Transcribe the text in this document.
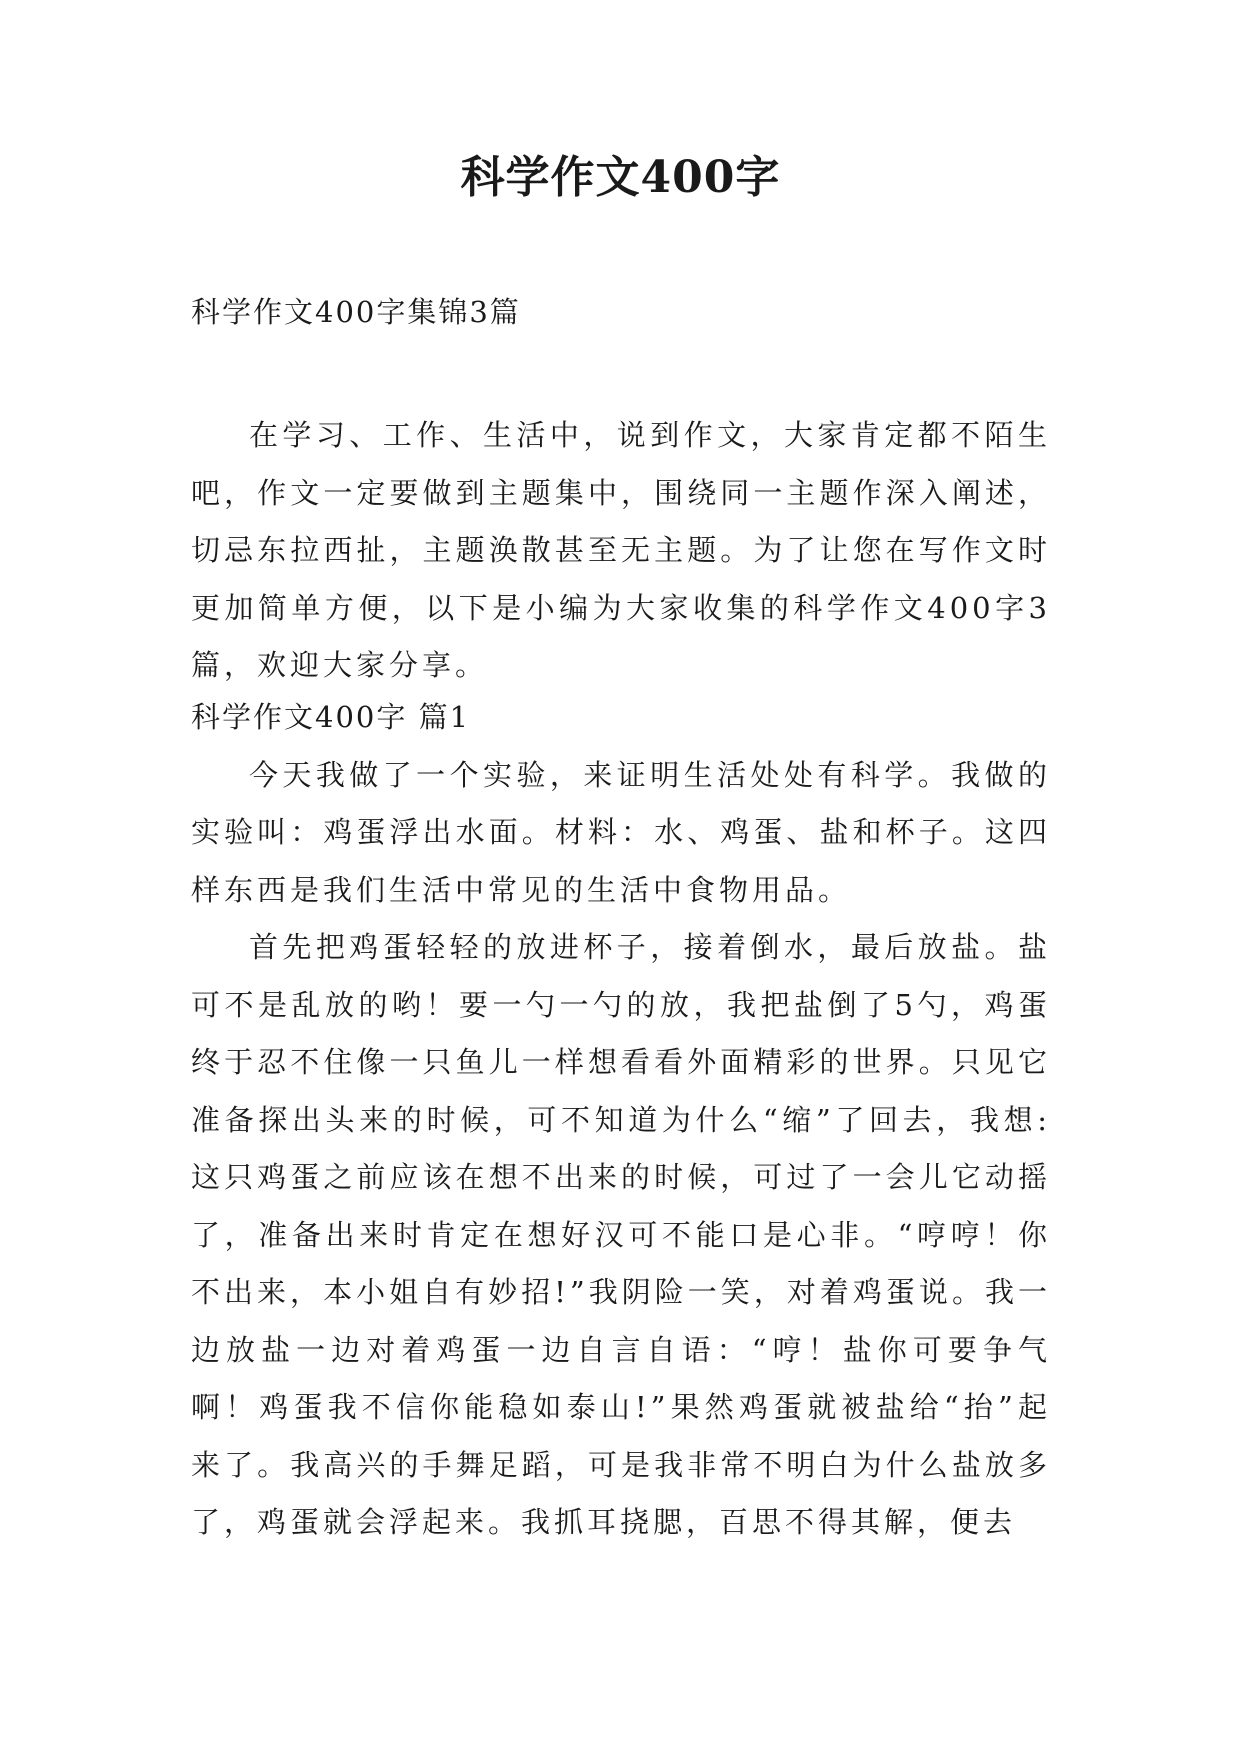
科学作文400字
科学作文400字集锦3篇

在学习、工作、生活中，说到作文，大家肯定都不陌生吧，作文一定要做到主题集中，围绕同一主题作深入阐述，切忌东拉西扯，主题涣散甚至无主题。为了让您在写作文时更加简单方便，以下是小编为大家收集的科学作文400字3篇，欢迎大家分享。

科学作文400字 篇1

今天我做了一个实验，来证明生活处处有科学。我做的实验叫：鸡蛋浮出水面。材料：水、鸡蛋、盐和杯子。这四样东西是我们生活中常见的生活中食物用品。

首先把鸡蛋轻轻的放进杯子，接着倒水，最后放盐。盐可不是乱放的哟！要一勺一勺的放，我把盐倒了5勺，鸡蛋终于忍不住像一只鱼儿一样想看看外面精彩的世界。只见它准备探出头来的时候，可不知道为什么“缩”了回去，我想:这只鸡蛋之前应该在想不出来的时候，可过了一会儿它动摇了，准备出来时肯定在想好汉可不能口是心非。“哼哼！你不出来，本小姐自有妙招!”我阴险一笑，对着鸡蛋说。我一边放盐一边对着鸡蛋一边自言自语：“哼！盐你可要争气啊！鸡蛋我不信你能稳如泰山!”果然鸡蛋就被盐给“抬”起来了。我高兴的手舞足蹈，可是我非常不明白为什么盐放多了，鸡蛋就会浮起来。我抓耳挠腮，百思不得其解，便去
